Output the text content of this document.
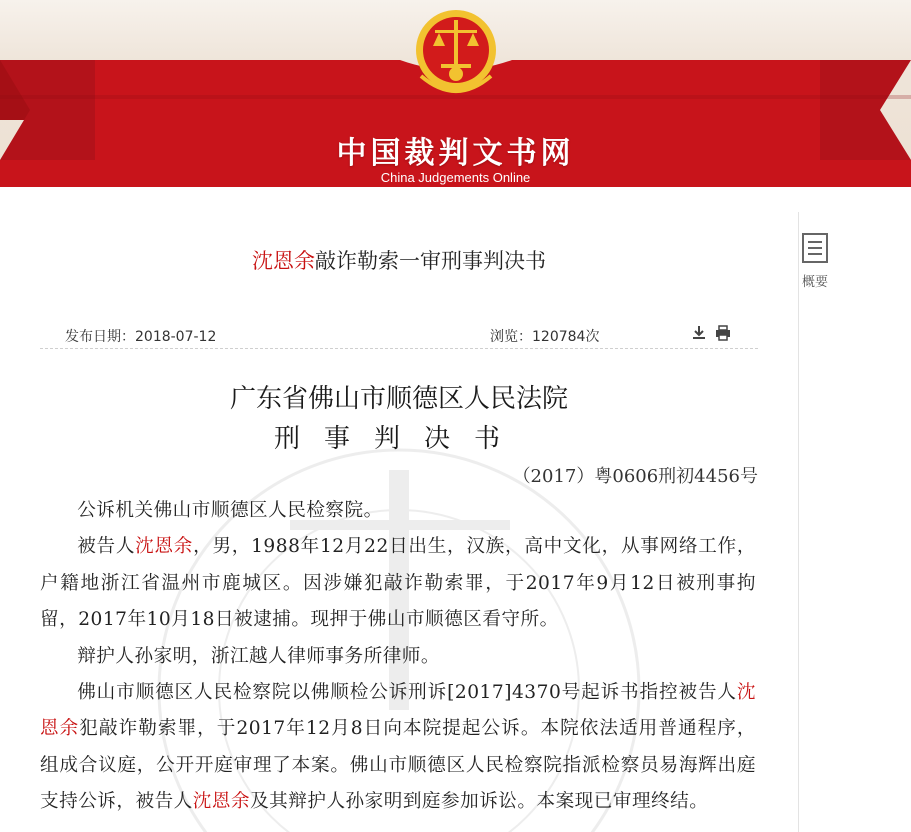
中国裁判文书网
China Judgements Online
沈恩余敲诈勒索一审刑事判决书
发布日期：2018-07-12	浏览：120784次
广东省佛山市顺德区人民法院
刑事判决书
（2017）粤0606刑初4456号

公诉机关佛山市顺德区人民检察院。

被告人沈恩余，男，1988年12月22日出生，汉族，高中文化，从事网络工作，户籍地浙江省温州市鹿城区。因涉嫌犯敲诈勒索罪，于2017年9月12日被刑事拘留，2017年10月18日被逮捕。现押于佛山市顺德区看守所。

辩护人孙家明，浙江越人律师事务所律师。

佛山市顺德区人民检察院以佛顺检公诉刑诉[2017]4370号起诉书指控被告人沈恩余犯敲诈勒索罪，于2017年12月8日向本院提起公诉。本院依法适用普通程序，组成合议庭，公开开庭审理了本案。佛山市顺德区人民检察院指派检察员易海辉出庭支持公诉，被告人沈恩余及其辩护人孙家明到庭参加诉讼。本案现已审理终结。

概要
